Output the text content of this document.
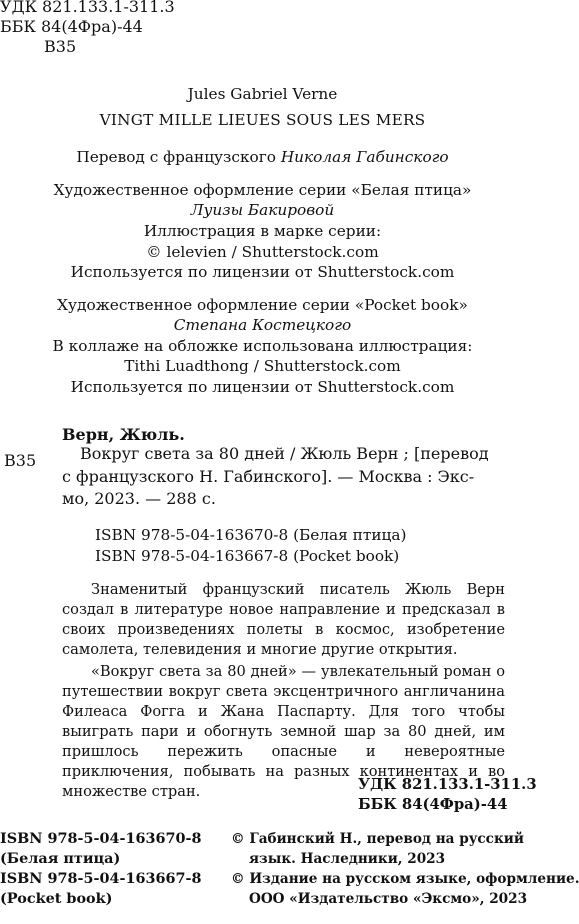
УДК 821.133.1-311.3
ББК 84(4Фра)-44
В35
Jules Gabriel Verne
VINGT MILLE LIEUES SOUS LES MERS
Перевод с французского Николая Габинского
Художественное оформление серии «Белая птица»
Луизы Бакировой
Иллюстрация в марке серии:
© lelevien / Shutterstock.com
Используется по лицензии от Shutterstock.com
Художественное оформление серии «Pocket book»
Степана Костецкого
В коллаже на обложке использована иллюстрация:
Tithi Luadthong / Shutterstock.com
Используется по лицензии от Shutterstock.com
Верн, Жюль.
В35	Вокруг света за 80 дней / Жюль Верн ; [перевод
с французского Н. Габинского]. — Москва : Экс-
мо, 2023. — 288 с.
ISBN 978-5-04-163670-8 (Белая птица)
ISBN 978-5-04-163667-8 (Pocket book)
Знаменитый французский писатель Жюль Верн создал в литературе новое направление и предсказал в своих произведениях полеты в космос, изобретение самолета, телевидения и многие другие открытия.
«Вокруг света за 80 дней» — увлекательный роман о путешествии вокруг света эксцентричного англичанина Филеаса Фогга и Жана Паспарту. Для того чтобы выиграть пари и обогнуть земной шар за 80 дней, им пришлось пережить опасные и невероятные приключения, побывать на разных континентах и во множестве стран.	УДК 821.133.1-311.3
ББК 84(4Фра)-44
ISBN 978-5-04-163670-8
(Белая птица)
ISBN 978-5-04-163667-8
(Pocket book)
© Габинский Н., перевод на русский
язык. Наследники, 2023
© Издание на русском языке, оформление.
ООО «Издательство «Эксмо», 2023
